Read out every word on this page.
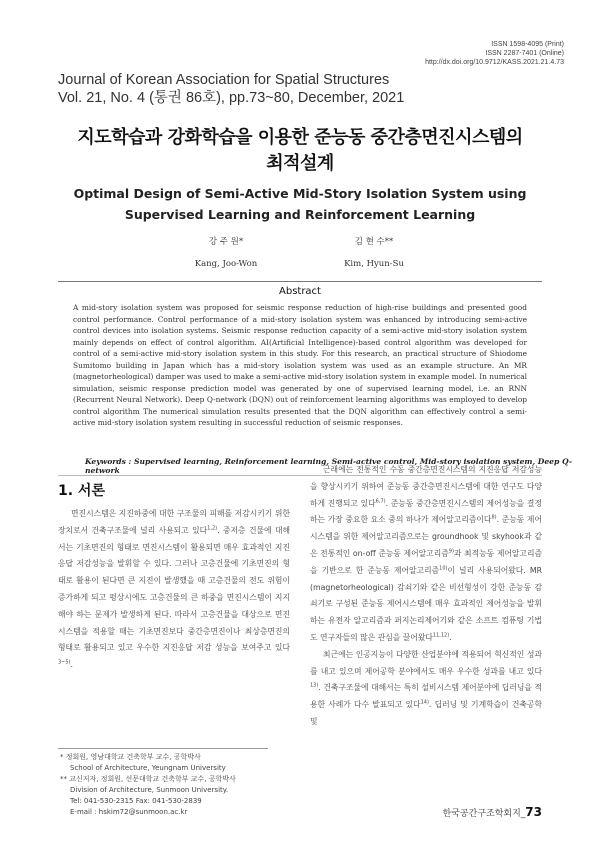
ISSN 1598-4095 (Print)
ISSN 2287-7401 (Online)
http://dx.doi.org/10.9712/KASS.2021.21.4.73
Journal of Korean Association for Spatial Structures
Vol. 21, No. 4 (통권 86호), pp.73~80, December, 2021
지도학습과 강화학습을 이용한 준능동 중간층면진시스템의
최적설계
Optimal Design of Semi-Active Mid-Story Isolation System using
Supervised Learning and Reinforcement Learning
강 주 원*
Kang, Joo-Won
김 현 수**
Kim, Hyun-Su
Abstract
A mid-story isolation system was proposed for seismic response reduction of high-rise buildings and presented good control performance. Control performance of a mid-story isolation system was enhanced by introducing semi-active control devices into isolation systems. Seismic response reduction capacity of a semi-active mid-story isolation system mainly depends on effect of control algorithm. AI(Artificial Intelligence)-based control algorithm was developed for control of a semi-active mid-story isolation system in this study. For this research, an practical structure of Shiodome Sumitomo building in Japan which has a mid-story isolation system was used as an example structure. An MR (magnetorheological) damper was used to make a semi-active mid-story isolation system in example model. In numerical simulation, seismic response prediction model was generated by one of supervised learning model, i.e. an RNN (Recurrent Neural Network). Deep Q-network (DQN) out of reinforcement learning algorithms was employed to develop control algorithm The numerical simulation results presented that the DQN algorithm can effectively control a semi-active mid-story isolation system resulting in successful reduction of seismic responses.
Keywords : Supervised learning, Reinforcement learning, Semi-active control, Mid-story isolation system, Deep Q-network
1. 서론

면진시스템은 지진하중에 대한 구조물의 피해를 저감시키기 위한 장치로서 건축구조물에 널리 사용되고 있다$^{1,2)}$. 중저층 건물에 대해서는 기초면진의 형태로 면진시스템이 활용되면 매우 효과적인 지진응답 저감성능을 발휘할 수 있다. 그러나 고층건물에 기초면진의 형태로 활용이 된다면 큰 지진이 발생했을 때 고층건물의 전도 위험이 증가하게 되고 평상시에도 고층건물의 큰 하중을 면진시스템이 지지해야 하는 문제가 발생하게 된다. 따라서 고층건물을 대상으로 면진시스템을 적용할 때는 기초면진보다 중간층면진이나 최상층면진의 형태로 활용되고 있고 우수한 지진응답 저감 성능을 보여주고 있다$^{3\sim 5)}$.

근래에는 전통적인 수동 중간층면진시스템의 지진응답 저감성능을 향상시키기 위하여 준능동 중간층면진시스템에 대한 연구도 다양하게 진행되고 있다$^{6,7)}$. 준능동 중간층면진시스템의 제어성능을 결정하는 가장 중요한 요소 중의 하나가 제어알고리즘이다$^{8)}$. 준능동 제어시스템을 위한 제어알고리즘으로는 groundhook 및 skyhook과 같은 전통적인 on-off 준능동 제어알고리즘$^{9)}$과 최적능동 제어알고리즘을 기반으로 한 준능동 제어알고리즘$^{10)}$이 널리 사용되어왔다. MR (magnetorheological) 감쇠기와 같은 비선형성이 강한 준능동 감쇠기로 구성된 준능동 제어시스템에 매우 효과적인 제어성능을 발휘하는 유전자 알고리즘과 퍼지논리제어기와 같은 소프트 컴퓨팅 기법도 연구자들의 많은 관심을 끌어왔다$^{11,12)}$.

최근에는 인공지능이 다양한 산업분야에 적용되어 혁신적인 성과를 내고 있으며 제어공학 분야에서도 매우 우수한 성과를 내고 있다$^{13)}$. 건축구조물에 대해서는 특히 설비시스템 제어분야에 딥러닝을 적용한 사례가 다수 발표되고 있다$^{14)}$. 딥러닝 및 기계학습이 건축공학 및

* 정회원, 영남대학교 건축학부 교수, 공학박사
School of Architecture, Yeungnam University
** 교신저자, 정회원, 선문대학교 건축학부 교수, 공학박사
Division of Architecture, Sunmoon University.
Tel: 041-530-2315 Fax: 041-530-2839
E-mail : hskim72@sunmoon.ac.kr	한국공간구조학회지_73
